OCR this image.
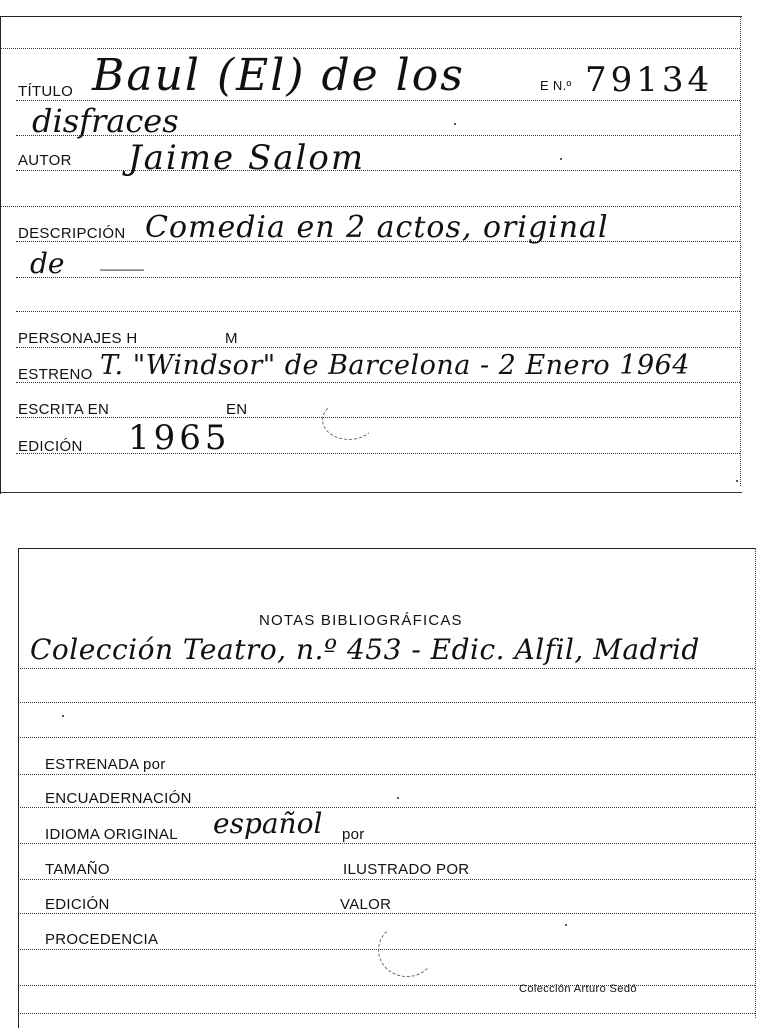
TÍTULO Baul (El) de los	E N.º 79134
disfraces
AUTOR Jaime Salom
DESCRIPCIÓN Comedia en 2 actos, original
de ____
PERSONAJES H	M
ESTRENO T. "Windsor" de Barcelona - 2 Enero 1964
ESCRITA EN	EN
EDICIÓN 1965
NOTAS BIBLIOGRÁFICAS
Colección Teatro, n.º 453 - Edic. Alfil, Madrid
ESTRENADA por
ENCUADERNACIÓN
IDIOMA ORIGINAL español por
TAMAÑO	ILUSTRADO POR
EDICIÓN	VALOR
PROCEDENCIA
Colección Arturo Sedó
